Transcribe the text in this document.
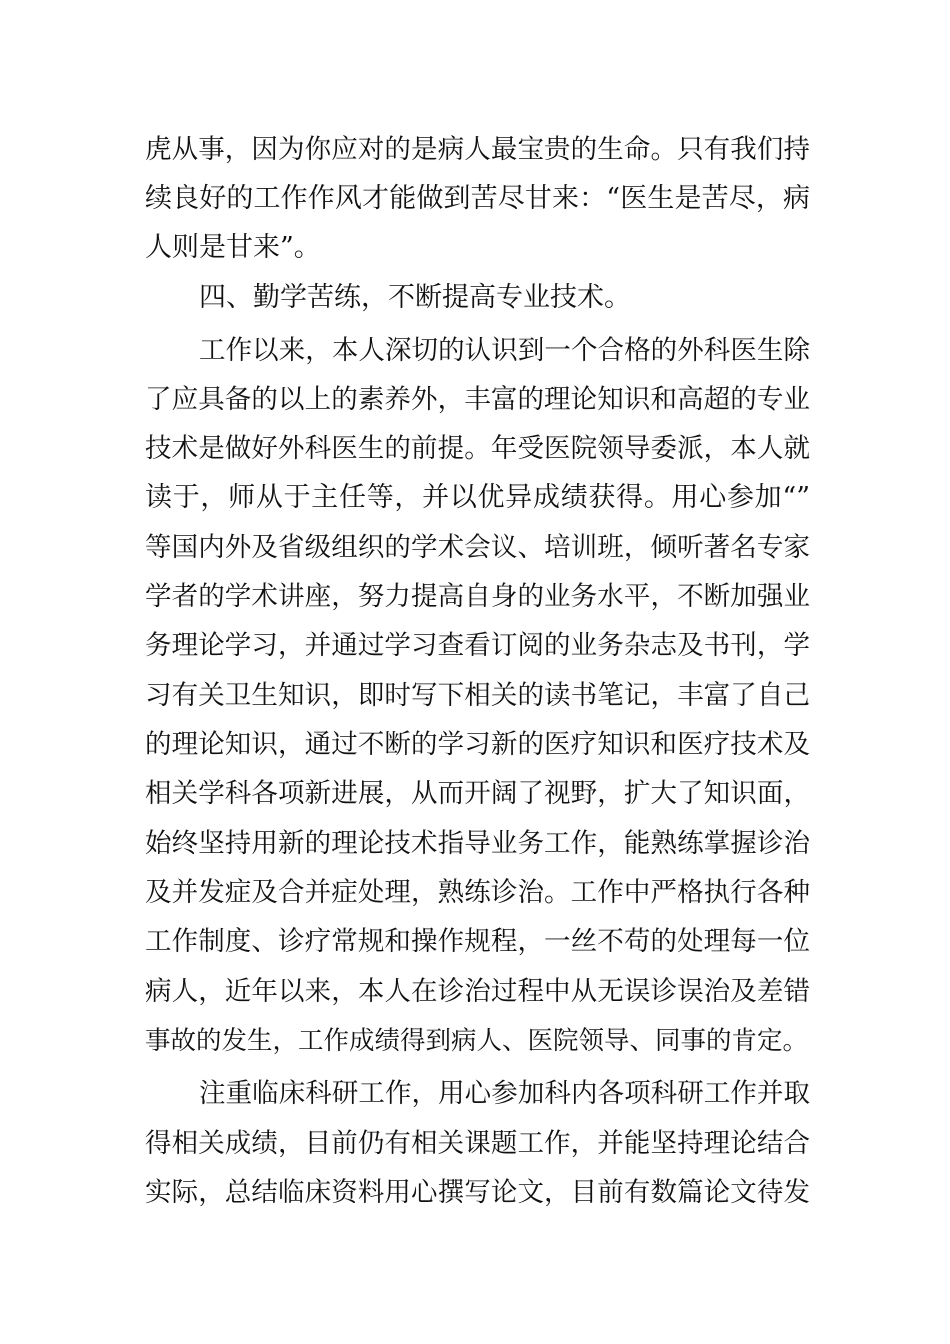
虎从事，因为你应对的是病人最宝贵的生命。只有我们持
续良好的工作作风才能做到苦尽甘来：“医生是苦尽，病
人则是甘来”。
四、勤学苦练，不断提高专业技术。
工作以来，本人深切的认识到一个合格的外科医生除
了应具备的以上的素养外，丰富的理论知识和高超的专业
技术是做好外科医生的前提。年受医院领导委派，本人就
读于，师从于主任等，并以优异成绩获得。用心参加“”
等国内外及省级组织的学术会议、培训班，倾听著名专家
学者的学术讲座，努力提高自身的业务水平，不断加强业
务理论学习，并通过学习查看订阅的业务杂志及书刊，学
习有关卫生知识，即时写下相关的读书笔记，丰富了自己
的理论知识，通过不断的学习新的医疗知识和医疗技术及
相关学科各项新进展，从而开阔了视野，扩大了知识面，
始终坚持用新的理论技术指导业务工作，能熟练掌握诊治
及并发症及合并症处理，熟练诊治。工作中严格执行各种
工作制度、诊疗常规和操作规程，一丝不苟的处理每一位
病人，近年以来，本人在诊治过程中从无误诊误治及差错
事故的发生，工作成绩得到病人、医院领导、同事的肯定。
注重临床科研工作，用心参加科内各项科研工作并取
得相关成绩，目前仍有相关课题工作，并能坚持理论结合
实际，总结临床资料用心撰写论文，目前有数篇论文待发
